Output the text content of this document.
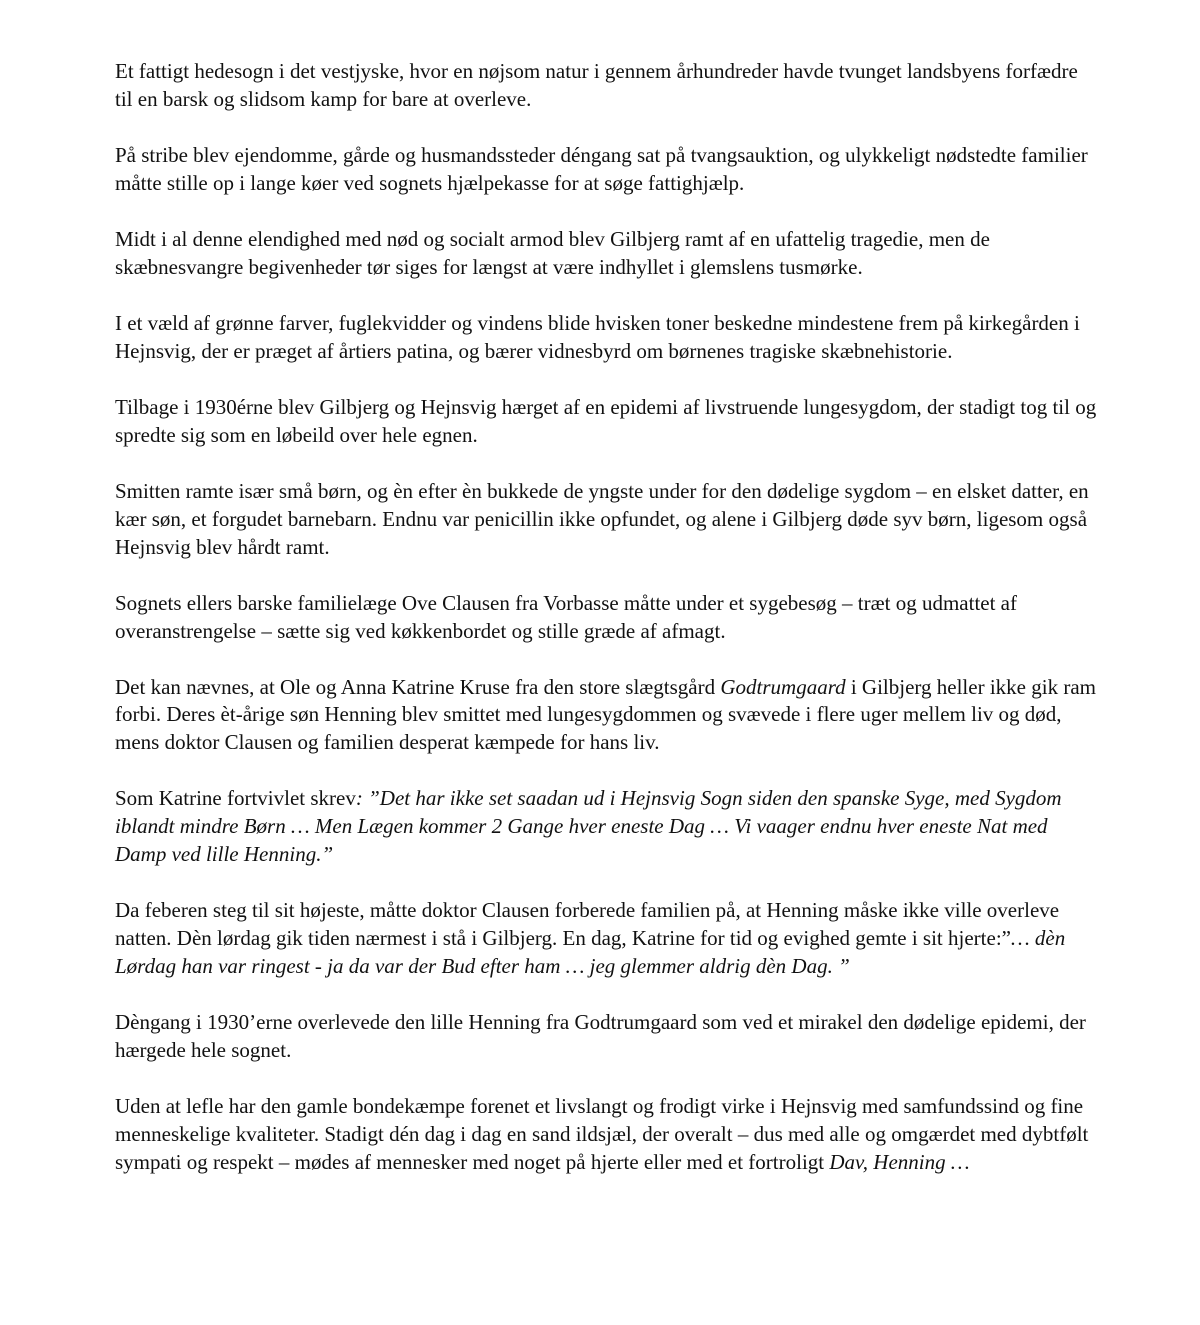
Et fattigt hedesogn i det vestjyske, hvor en nøjsom natur i gennem århundreder havde tvunget landsbyens forfædre til en barsk og slidsom kamp for bare at overleve.

På stribe blev ejendomme, gårde og husmandssteder déngang sat på tvangsauktion, og ulykkeligt nødstedte familier måtte stille op i lange køer ved sognets hjælpekasse for at søge fattighjælp.

Midt i al denne elendighed med nød og socialt armod blev Gilbjerg ramt af en ufattelig tragedie, men de skæbnesvangre begivenheder tør siges for længst at være indhyllet i glemslens tusmørke.

I et væld af grønne farver, fuglekvidder og vindens blide hvisken toner beskedne mindestene frem på kirkegården i Hejnsvig, der er præget af årtiers patina, og bærer vidnesbyrd om børnenes tragiske skæbnehistorie.

Tilbage i 1930érne blev Gilbjerg og Hejnsvig hærget af en epidemi af livstruende lungesygdom, der stadigt tog til og spredte sig som en løbeild over hele egnen.

Smitten ramte især små børn, og èn efter èn bukkede de yngste under for den dødelige sygdom – en elsket datter, en kær søn, et forgudet barnebarn. Endnu var penicillin ikke opfundet, og alene i Gilbjerg døde syv børn, ligesom også Hejnsvig blev hårdt ramt.

Sognets ellers barske familielæge Ove Clausen fra Vorbasse måtte under et sygebesøg – træt og udmattet af overanstrengelse – sætte sig ved køkkenbordet og stille græde af afmagt.

Det kan nævnes, at Ole og Anna Katrine Kruse fra den store slægtsgård Godtrumgaard i Gilbjerg heller ikke gik ram forbi. Deres èt-årige søn Henning blev smittet med lungesygdommen og svævede i flere uger mellem liv og død, mens doktor Clausen og familien desperat kæmpede for hans liv.

Som Katrine fortvivlet skrev: ”Det har ikke set saadan ud i Hejnsvig Sogn siden den spanske Syge, med Sygdom iblandt mindre Børn … Men Lægen kommer 2 Gange hver eneste Dag … Vi vaager endnu hver eneste Nat med Damp ved lille Henning.”

Da feberen steg til sit højeste, måtte doktor Clausen forberede familien på, at Henning måske ikke ville overleve natten. Dèn lørdag gik tiden nærmest i stå i Gilbjerg. En dag, Katrine for tid og evighed gemte i sit hjerte:”… dèn Lørdag han var ringest - ja da var der Bud efter ham … jeg glemmer aldrig dèn Dag. ”

Dèngang i 1930’erne overlevede den lille Henning fra Godtrumgaard som ved et mirakel den dødelige epidemi, der hærgede hele sognet.

Uden at lefle har den gamle bondekæmpe forenet et livslangt og frodigt virke i Hejnsvig med samfundssind og fine menneskelige kvaliteter. Stadigt dén dag i dag en sand ildsjæl, der overalt – dus med alle og omgærdet med dybtfølt sympati og respekt – mødes af mennesker med noget på hjerte eller med et fortroligt Dav, Henning …
